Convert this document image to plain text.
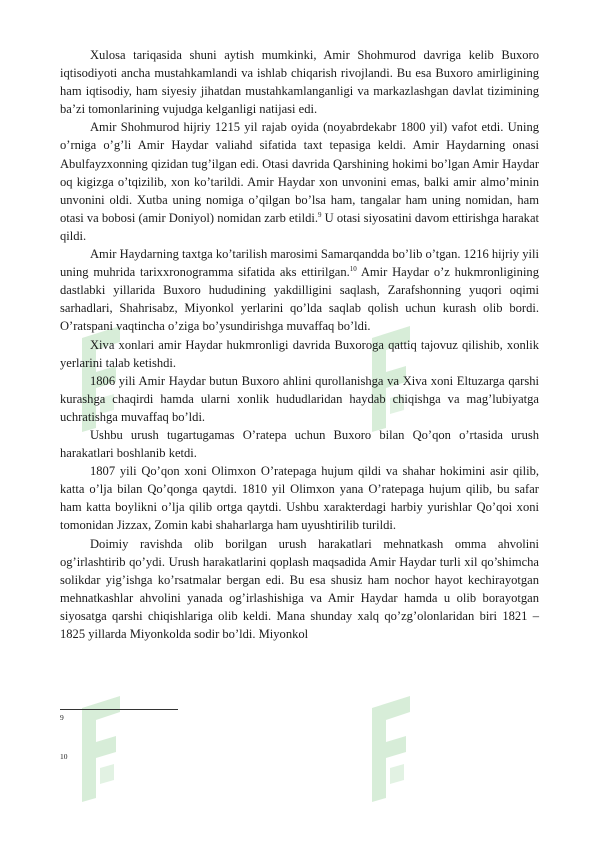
Xulosa tariqasida shuni aytish mumkinki, Amir Shohmurod davriga kelib Buxoro iqtisodiyoti ancha mustahkamlandi va ishlab chiqarish rivojlandi. Bu esa Buxoro amirligining ham iqtisodiy, ham siyesiy jihatdan mustahkamlanganligi va markazlashgan davlat tizimining ba’zi tomonlarining vujudga kelganligi natijasi edi.

Amir Shohmurod hijriy 1215 yil rajab oyida (noyabrdekabr 1800 yil) vafot etdi. Uning o’rniga o’g’li Amir Haydar valiahd sifatida taxt tepasiga keldi. Amir Haydarning onasi Abulfayzxonning qizidan tug’ilgan edi. Otasi davrida Qarshining hokimi bo’lgan Amir Haydar oq kigizga o’tqizilib, xon ko’tarildi. Amir Haydar xon unvonini emas, balki amir almo’minin unvonini oldi. Xutba uning nomiga o’qilgan bo’lsa ham, tangalar ham uning nomidan, ham otasi va bobosi (amir Doniyol) nomidan zarb etildi.$^9$ U otasi siyosatini davom ettirishga harakat qildi.

Amir Haydarning taxtga ko’tarilish marosimi Samarqandda bo’lib o’tgan. 1216 hijriy yili uning muhrida tarixxronogramma sifatida aks ettirilgan.$^{10}$ Amir Haydar o’z hukmronligining dastlabki yillarida Buxoro hududining yakdilligini saqlash, Zarafshonning yuqori oqimi sarhadlari, Shahrisabz, Miyonkol yerlarini qo’lda saqlab qolish uchun kurash olib bordi. O’ratspani vaqtincha o’ziga bo’ysundirishga muvaffaq bo’ldi.

Xiva xonlari amir Haydar hukmronligi davrida Buxoroga qattiq tajovuz qilishib, xonlik yerlarini talab ketishdi.

1806 yili Amir Haydar butun Buxoro ahlini qurollanishga va Xiva xoni Eltuzarga qarshi kurashga chaqirdi hamda ularni xonlik hududlaridan haydab chiqishga va mag’lubiyatga uchratishga muvaffaq bo’ldi.

Ushbu urush tugartugamas O’ratepa uchun Buxoro bilan Qo’qon o’rtasida urush harakatlari boshlanib ketdi.

1807 yili Qo’qon xoni Olimxon O’ratepaga hujum qildi va shahar hokimini asir qilib, katta o’lja bilan Qo’qonga qaytdi. 1810 yil Olimxon yana O’ratepaga hujum qilib, bu safar ham katta boylikni o’lja qilib ortga qaytdi. Ushbu xarakterdagi harbiy yurishlar Qo’qoi xoni tomonidan Jizzax, Zomin kabi shaharlarga ham uyushtirilib turildi.

Doimiy ravishda olib borilgan urush harakatlari mehnatkash omma ahvolini og’irlashtirib qo’ydi. Urush harakatlarini qoplash maqsadida Amir Haydar turli xil qo’shimcha solikdar yig’ishga ko’rsatmalar bergan edi. Bu esa shusiz ham nochor hayot kechirayotgan mehnatkashlar ahvolini yanada og’irlashishiga va Amir Haydar hamda u olib borayotgan siyosatga qarshi chiqishlariga olib keldi. Mana shunday xalq qo’zg’olonlaridan biri 1821 – 1825 yillarda Miyonkolda sodir bo’ldi. Miyonkol

9
10
